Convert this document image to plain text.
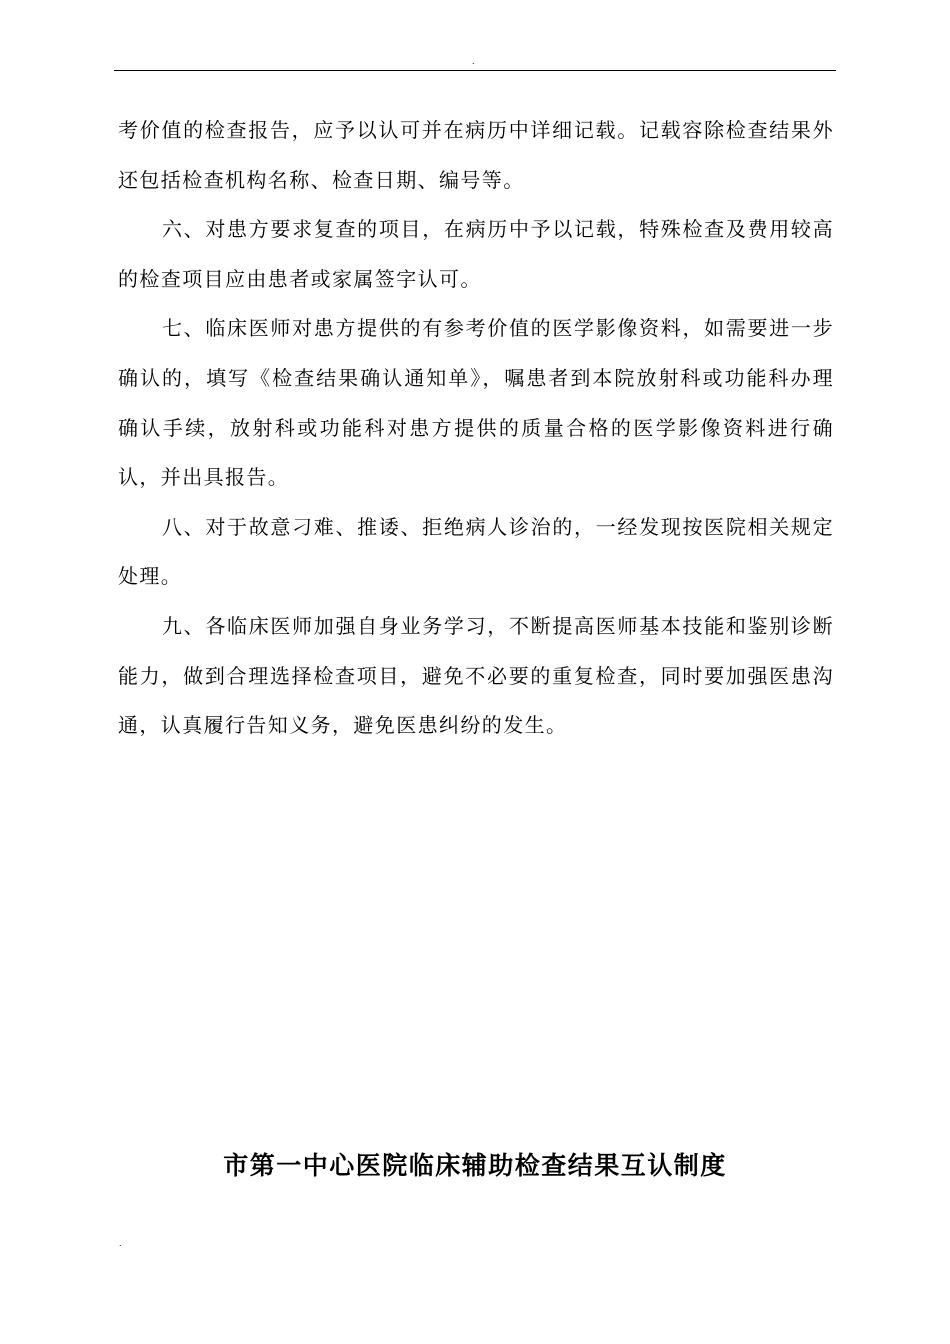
.

考价值的检查报告，应予以认可并在病历中详细记载。记载容除检查结果外还包括检查机构名称、检查日期、编号等。

六、对患方要求复查的项目，在病历中予以记载，特殊检查及费用较高的检查项目应由患者或家属签字认可。

七、临床医师对患方提供的有参考价值的医学影像资料，如需要进一步确认的，填写《检查结果确认通知单》，嘱患者到本院放射科或功能科办理确认手续，放射科或功能科对患方提供的质量合格的医学影像资料进行确认，并出具报告。

八、对于故意刁难、推诿、拒绝病人诊治的，一经发现按医院相关规定处理。

九、各临床医师加强自身业务学习，不断提高医师基本技能和鉴别诊断能力，做到合理选择检查项目，避免不必要的重复检查，同时要加强医患沟通，认真履行告知义务，避免医患纠纷的发生。

市第一中心医院临床辅助检查结果互认制度
.
